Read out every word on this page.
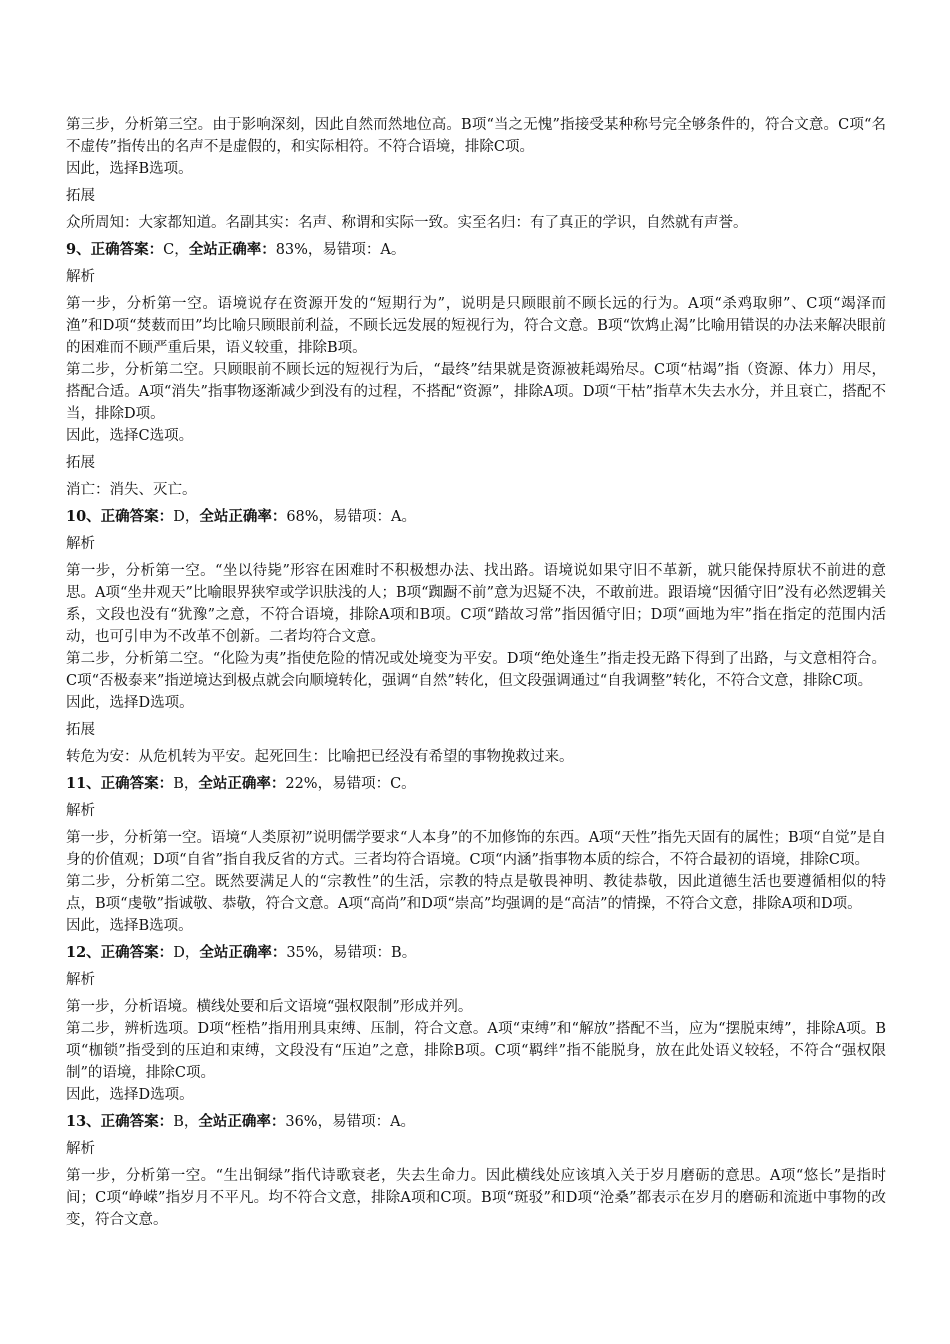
第三步，分析第三空。由于影响深刻，因此自然而然地位高。B项“当之无愧”指接受某种称号完全够条件的，符合文意。C项“名不虚传”指传出的名声不是虚假的，和实际相符。不符合语境，排除C项。

因此，选择B选项。

拓展

众所周知：大家都知道。名副其实：名声、称谓和实际一致。实至名归：有了真正的学识，自然就有声誉。

9、正确答案：C，全站正确率：83%，易错项：A。

解析

第一步，分析第一空。语境说存在资源开发的“短期行为”，说明是只顾眼前不顾长远的行为。A项“杀鸡取卵”、C项“竭泽而渔”和D项“焚薮而田”均比喻只顾眼前利益，不顾长远发展的短视行为，符合文意。B项“饮鸩止渴”比喻用错误的办法来解决眼前的困难而不顾严重后果，语义较重，排除B项。

第二步，分析第二空。只顾眼前不顾长远的短视行为后，“最终”结果就是资源被耗竭殆尽。C项“枯竭”指（资源、体力）用尽，搭配合适。A项“消失”指事物逐渐减少到没有的过程，不搭配“资源”，排除A项。D项“干枯”指草木失去水分，并且衰亡，搭配不当，排除D项。

因此，选择C选项。

拓展

消亡：消失、灭亡。

10、正确答案：D，全站正确率：68%，易错项：A。

解析

第一步，分析第一空。“坐以待毙”形容在困难时不积极想办法、找出路。语境说如果守旧不革新，就只能保持原状不前进的意思。A项“坐井观天”比喻眼界狭窄或学识肤浅的人；B项“踟蹰不前”意为迟疑不决，不敢前进。跟语境“因循守旧”没有必然逻辑关系，文段也没有“犹豫”之意，不符合语境，排除A项和B项。C项“踏故习常”指因循守旧；D项“画地为牢”指在指定的范围内活动，也可引申为不改革不创新。二者均符合文意。

第二步，分析第二空。“化险为夷”指使危险的情况或处境变为平安。D项“绝处逢生”指走投无路下得到了出路，与文意相符合。C项“否极泰来”指逆境达到极点就会向顺境转化，强调“自然”转化，但文段强调通过“自我调整”转化，不符合文意，排除C项。

因此，选择D选项。

拓展

转危为安：从危机转为平安。起死回生：比喻把已经没有希望的事物挽救过来。

11、正确答案：B，全站正确率：22%，易错项：C。

解析

第一步，分析第一空。语境“人类原初”说明儒学要求“人本身”的不加修饰的东西。A项“天性”指先天固有的属性；B项“自觉”是自身的价值观；D项“自省”指自我反省的方式。三者均符合语境。C项“内涵”指事物本质的综合，不符合最初的语境，排除C项。

第二步，分析第二空。既然要满足人的“宗教性”的生活，宗教的特点是敬畏神明、教徒恭敬，因此道德生活也要遵循相似的特点，B项“虔敬”指诚敬、恭敬，符合文意。A项“高尚”和D项“崇高”均强调的是“高洁”的情操，不符合文意，排除A项和D项。

因此，选择B选项。

12、正确答案：D，全站正确率：35%，易错项：B。

解析

第一步，分析语境。横线处要和后文语境“强权限制”形成并列。

第二步，辨析选项。D项“桎梏”指用刑具束缚、压制，符合文意。A项“束缚”和“解放”搭配不当，应为“摆脱束缚”，排除A项。B项“枷锁”指受到的压迫和束缚，文段没有“压迫”之意，排除B项。C项“羁绊”指不能脱身，放在此处语义较轻，不符合“强权限制”的语境，排除C项。

因此，选择D选项。

13、正确答案：B，全站正确率：36%，易错项：A。

解析

第一步，分析第一空。“生出铜绿”指代诗歌衰老，失去生命力。因此横线处应该填入关于岁月磨砺的意思。A项“悠长”是指时间；C项“峥嵘”指岁月不平凡。均不符合文意，排除A项和C项。B项“斑驳”和D项“沧桑”都表示在岁月的磨砺和流逝中事物的改变，符合文意。
